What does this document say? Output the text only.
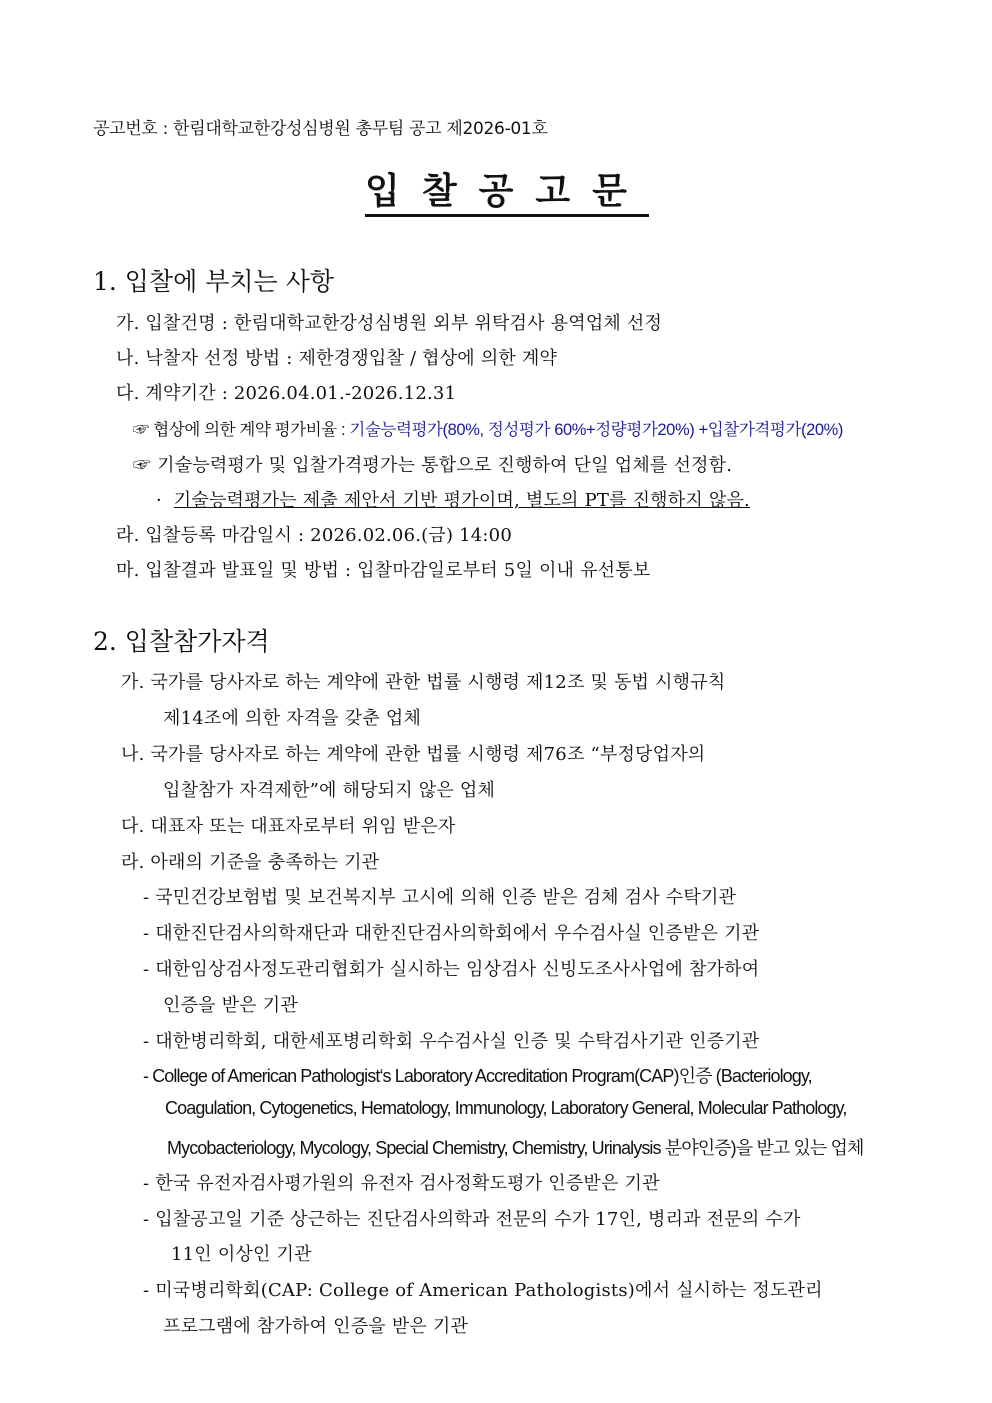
공고번호 : 한림대학교한강성심병원 총무팀 공고 제2026-01호
입찰공고문
1. 입찰에 부치는 사항
가. 입찰건명 : 한림대학교한강성심병원 외부 위탁검사 용역업체 선정
나. 낙찰자 선정 방법 : 제한경쟁입찰 / 협상에 의한 계약
다. 계약기간 : 2026.04.01.-2026.12.31
☞ 협상에 의한 계약 평가비율 : 기술능력평가(80%, 정성평가 60%+정량평가20%) +입찰가격평가(20%)
☞ 기술능력평가 및 입찰가격평가는 통합으로 진행하여 단일 업체를 선정함.
· 기술능력평가는 제출 제안서 기반 평가이며, 별도의 PT를 진행하지 않음.
라. 입찰등록 마감일시 : 2026.02.06.(금) 14:00
마. 입찰결과 발표일 및 방법 : 입찰마감일로부터 5일 이내 유선통보
2. 입찰참가자격
가. 국가를 당사자로 하는 계약에 관한 법률 시행령 제12조 및 동법 시행규칙
제14조에 의한 자격을 갖춘 업체
나. 국가를 당사자로 하는 계약에 관한 법률 시행령 제76조 “부정당업자의
입찰참가 자격제한”에 해당되지 않은 업체
다. 대표자 또는 대표자로부터 위임 받은자
라. 아래의 기준을 충족하는 기관
- 국민건강보험법 및 보건복지부 고시에 의해 인증 받은 검체 검사 수탁기관
- 대한진단검사의학재단과 대한진단검사의학회에서 우수검사실 인증받은 기관
- 대한임상검사정도관리협회가 실시하는 임상검사 신빙도조사사업에 참가하여
인증을 받은 기관
- 대한병리학회, 대한세포병리학회 우수검사실 인증 및 수탁검사기관 인증기관
- College of American Pathologist‘s Laboratory Accreditation Program(CAP)인증 (Bacteriology,
Coagulation, Cytogenetics, Hematology, Immunology, Laboratory General, Molecular Pathology,
Mycobacteriology, Mycology, Special Chemistry, Chemistry, Urinalysis 분야인증)을 받고 있는 업체
- 한국 유전자검사평가원의 유전자 검사정확도평가 인증받은 기관
- 입찰공고일 기준 상근하는 진단검사의학과 전문의 수가 17인, 병리과 전문의 수가
11인 이상인 기관
- 미국병리학회(CAP: College of American Pathologists)에서 실시하는 정도관리
프로그램에 참가하여 인증을 받은 기관
